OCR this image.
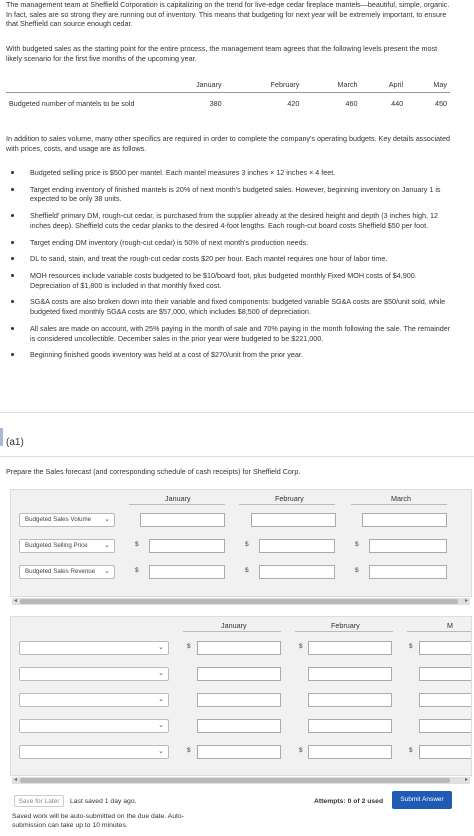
The management team at Sheffield Corporation is capitalizing on the trend for live-edge cedar fireplace mantels—beautiful, simple, organic. In fact, sales are so strong they are running out of inventory. This means that budgeting for next year will be extremely important, to ensure that Sheffield can source enough cedar.

With budgeted sales as the starting point for the entire process, the management team agrees that the following levels present the most likely scenario for the first five months of the upcoming year.

	January	February	March	April	May
Budgeted number of mantels to be sold	380	420	460	440	450

In addition to sales volume, many other specifics are required in order to complete the company's operating budgets. Key details associated with prices, costs, and usage are as follows.

Budgeted selling price is $500 per mantel. Each mantel measures 3 inches × 12 inches × 4 feet.
Target ending inventory of finished mantels is 20% of next month's budgeted sales. However, beginning inventory on January 1 is expected to be only 38 units.
Sheffield' primary DM, rough-cut cedar, is purchased from the supplier already at the desired height and depth (3 inches high, 12 inches deep). Sheffield cuts the cedar planks to the desired 4-foot lengths. Each rough-cut board costs Sheffield $50 per foot.
Target ending DM inventory (rough-cut cedar) is 50% of next month's production needs.
DL to sand, stain, and treat the rough-cut cedar costs $20 per hour. Each mantel requires one hour of labor time.
MOH resources include variable costs budgeted to be $10/board foot, plus budgeted monthly Fixed MOH costs of $4,900. Depreciation of $1,800 is included in that monthly fixed cost.
SG&A costs are also broken down into their variable and fixed components: budgeted variable SG&A costs are $50/unit sold, while budgeted fixed monthly SG&A costs are $57,000, which includes $8,500 of depreciation.
All sales are made on account, with 25% paying in the month of sale and 70% paying in the month following the sale. The remainder is considered uncollectible. December sales in the prior year were budgeted to be $221,000.
Beginning finished goods inventory was held at a cost of $270/unit from the prior year.
(a1)

Prepare the Sales forecast (and corresponding schedule of cash receipts) for Sheffield Corp.

January	February	March
Budgeted Sales Volume ⌄
Budgeted Selling Price ⌄	$	$	$
Budgeted Sales Revenue ⌄	$	$	$
◂	▸
January	February	M
⌄	$	$	$
⌄
⌄
⌄
⌄	$	$	$
◂	▸
Save for Later	Last saved 1 day ago.
Saved work will be auto-submitted on the due date. Auto-submission can take up to 10 minutes.
Attempts: 0 of 2 used	Submit Answer
